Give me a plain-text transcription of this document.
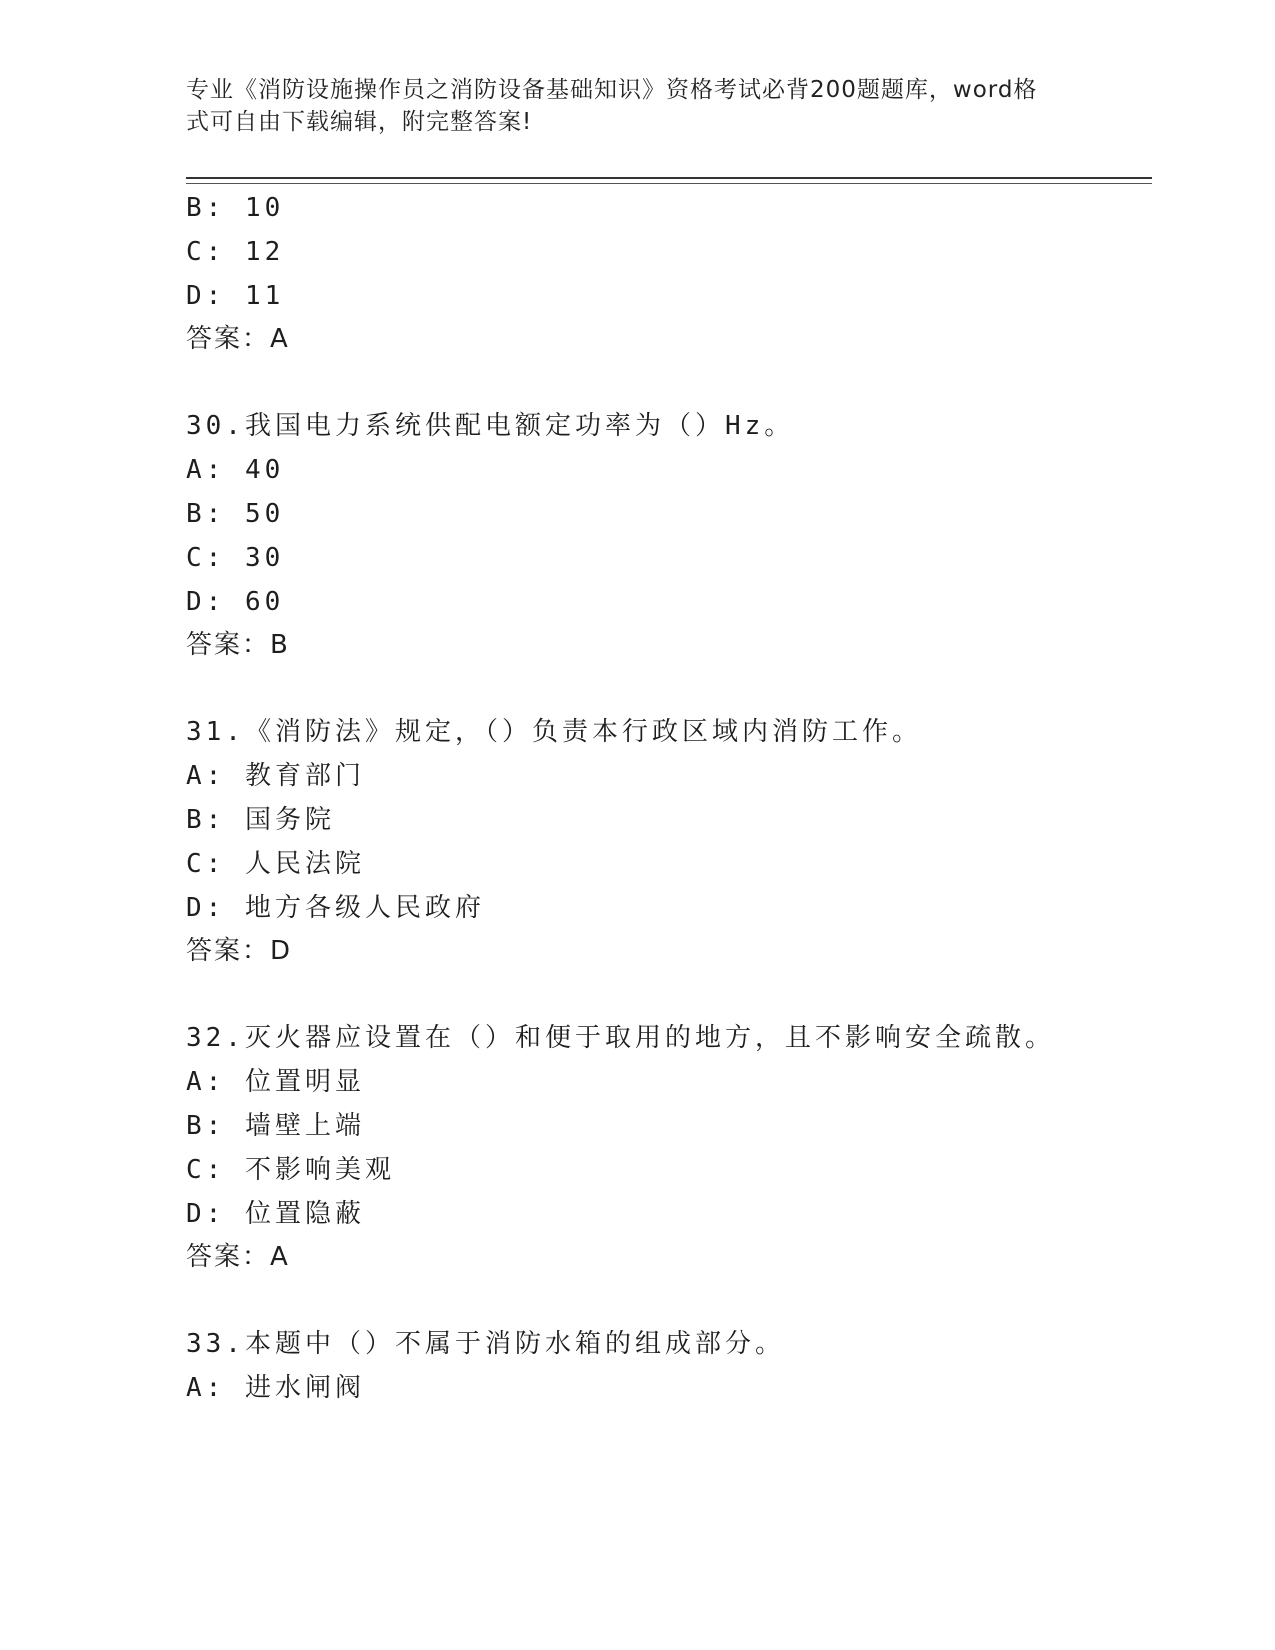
专业《消防设施操作员之消防设备基础知识》资格考试必背200题题库，word格
式可自由下载编辑，附完整答案!
B: 10
C: 12
D: 11
答案：A
30.我国电力系统供配电额定功率为（）Hz。
A: 40
B: 50
C: 30
D: 60
答案：B
31.《消防法》规定，（）负责本行政区域内消防工作。
A: 教育部门
B: 国务院
C: 人民法院
D: 地方各级人民政府
答案：D
32.灭火器应设置在（）和便于取用的地方，且不影响安全疏散。
A: 位置明显
B: 墙壁上端
C: 不影响美观
D: 位置隐蔽
答案：A
33.本题中（）不属于消防水箱的组成部分。
A: 进水闸阀
